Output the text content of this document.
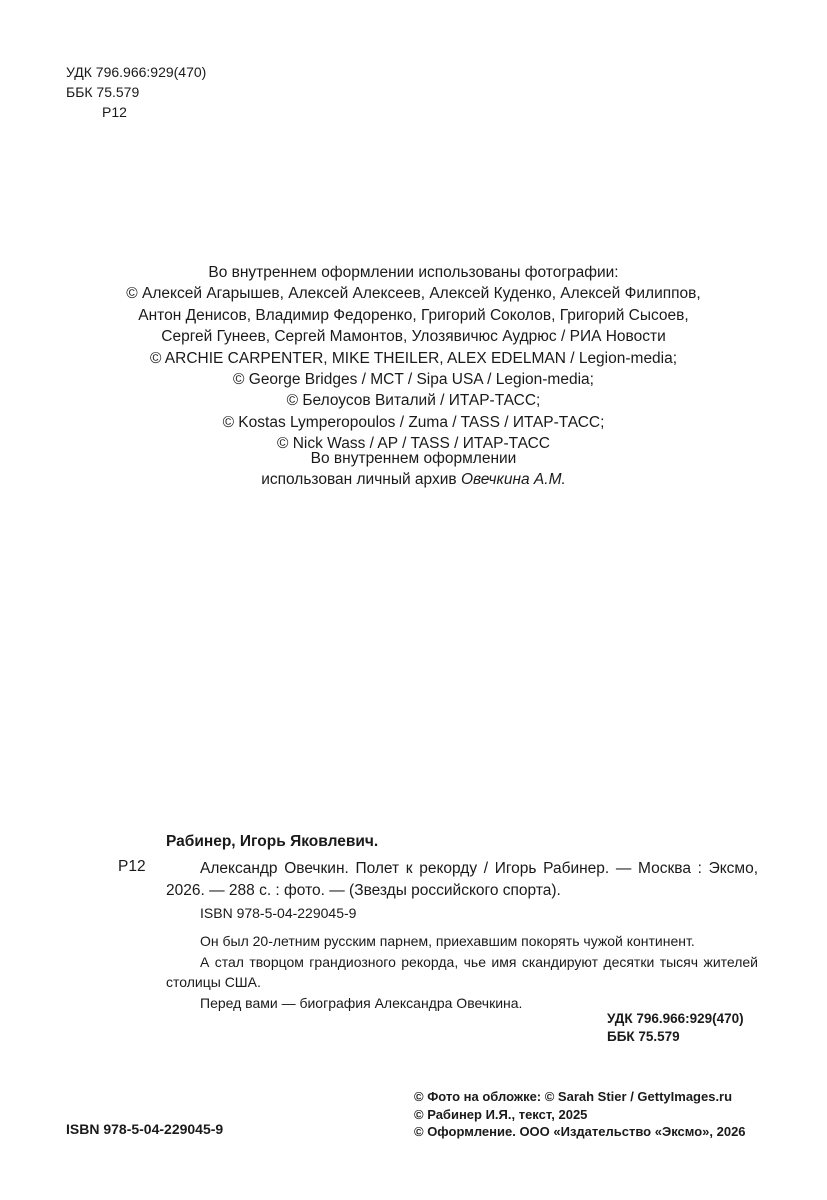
УДК 796.966:929(470)
ББК 75.579
Р12
Во внутреннем оформлении использованы фотографии:
© Алексей Агарышев, Алексей Алексеев, Алексей Куденко, Алексей Филиппов,
Антон Денисов, Владимир Федоренко, Григорий Соколов, Григорий Сысоев,
Сергей Гунеев, Сергей Мамонтов, Улозявичюс Аудрюс / РИА Новости
© ARCHIE CARPENTER, MIKE THEILER, ALEX EDELMAN / Legion-media;
© George Bridges / MCT / Sipa USA / Legion-media;
© Белоусов Виталий / ИТАР-ТАСС;
© Kostas Lymperopoulos / Zuma / TASS / ИТАР-ТАСС;
© Nick Wass / AP / TASS / ИТАР-ТАСС
Во внутреннем оформлении
использован личный архив Овечкина А.М.
Рабинер, Игорь Яковлевич.
Р12	Александр Овечкин. Полет к рекорду / Игорь Рабинер. — Москва : Эксмо, 2026. — 288 с. : фото. — (Звезды российского спорта).
ISBN 978-5-04-229045-9
Он был 20-летним русским парнем, приехавшим покорять чужой континент.
А стал творцом грандиозного рекорда, чье имя скандируют десятки тысяч жителей столицы США.
Перед вами — биография Александра Овечкина.
УДК 796.966:929(470)
ББК 75.579
ISBN 978-5-04-229045-9
© Фото на обложке: © Sarah Stier / GettyImages.ru
© Рабинер И.Я., текст, 2025
© Оформление. ООО «Издательство «Эксмо», 2026
